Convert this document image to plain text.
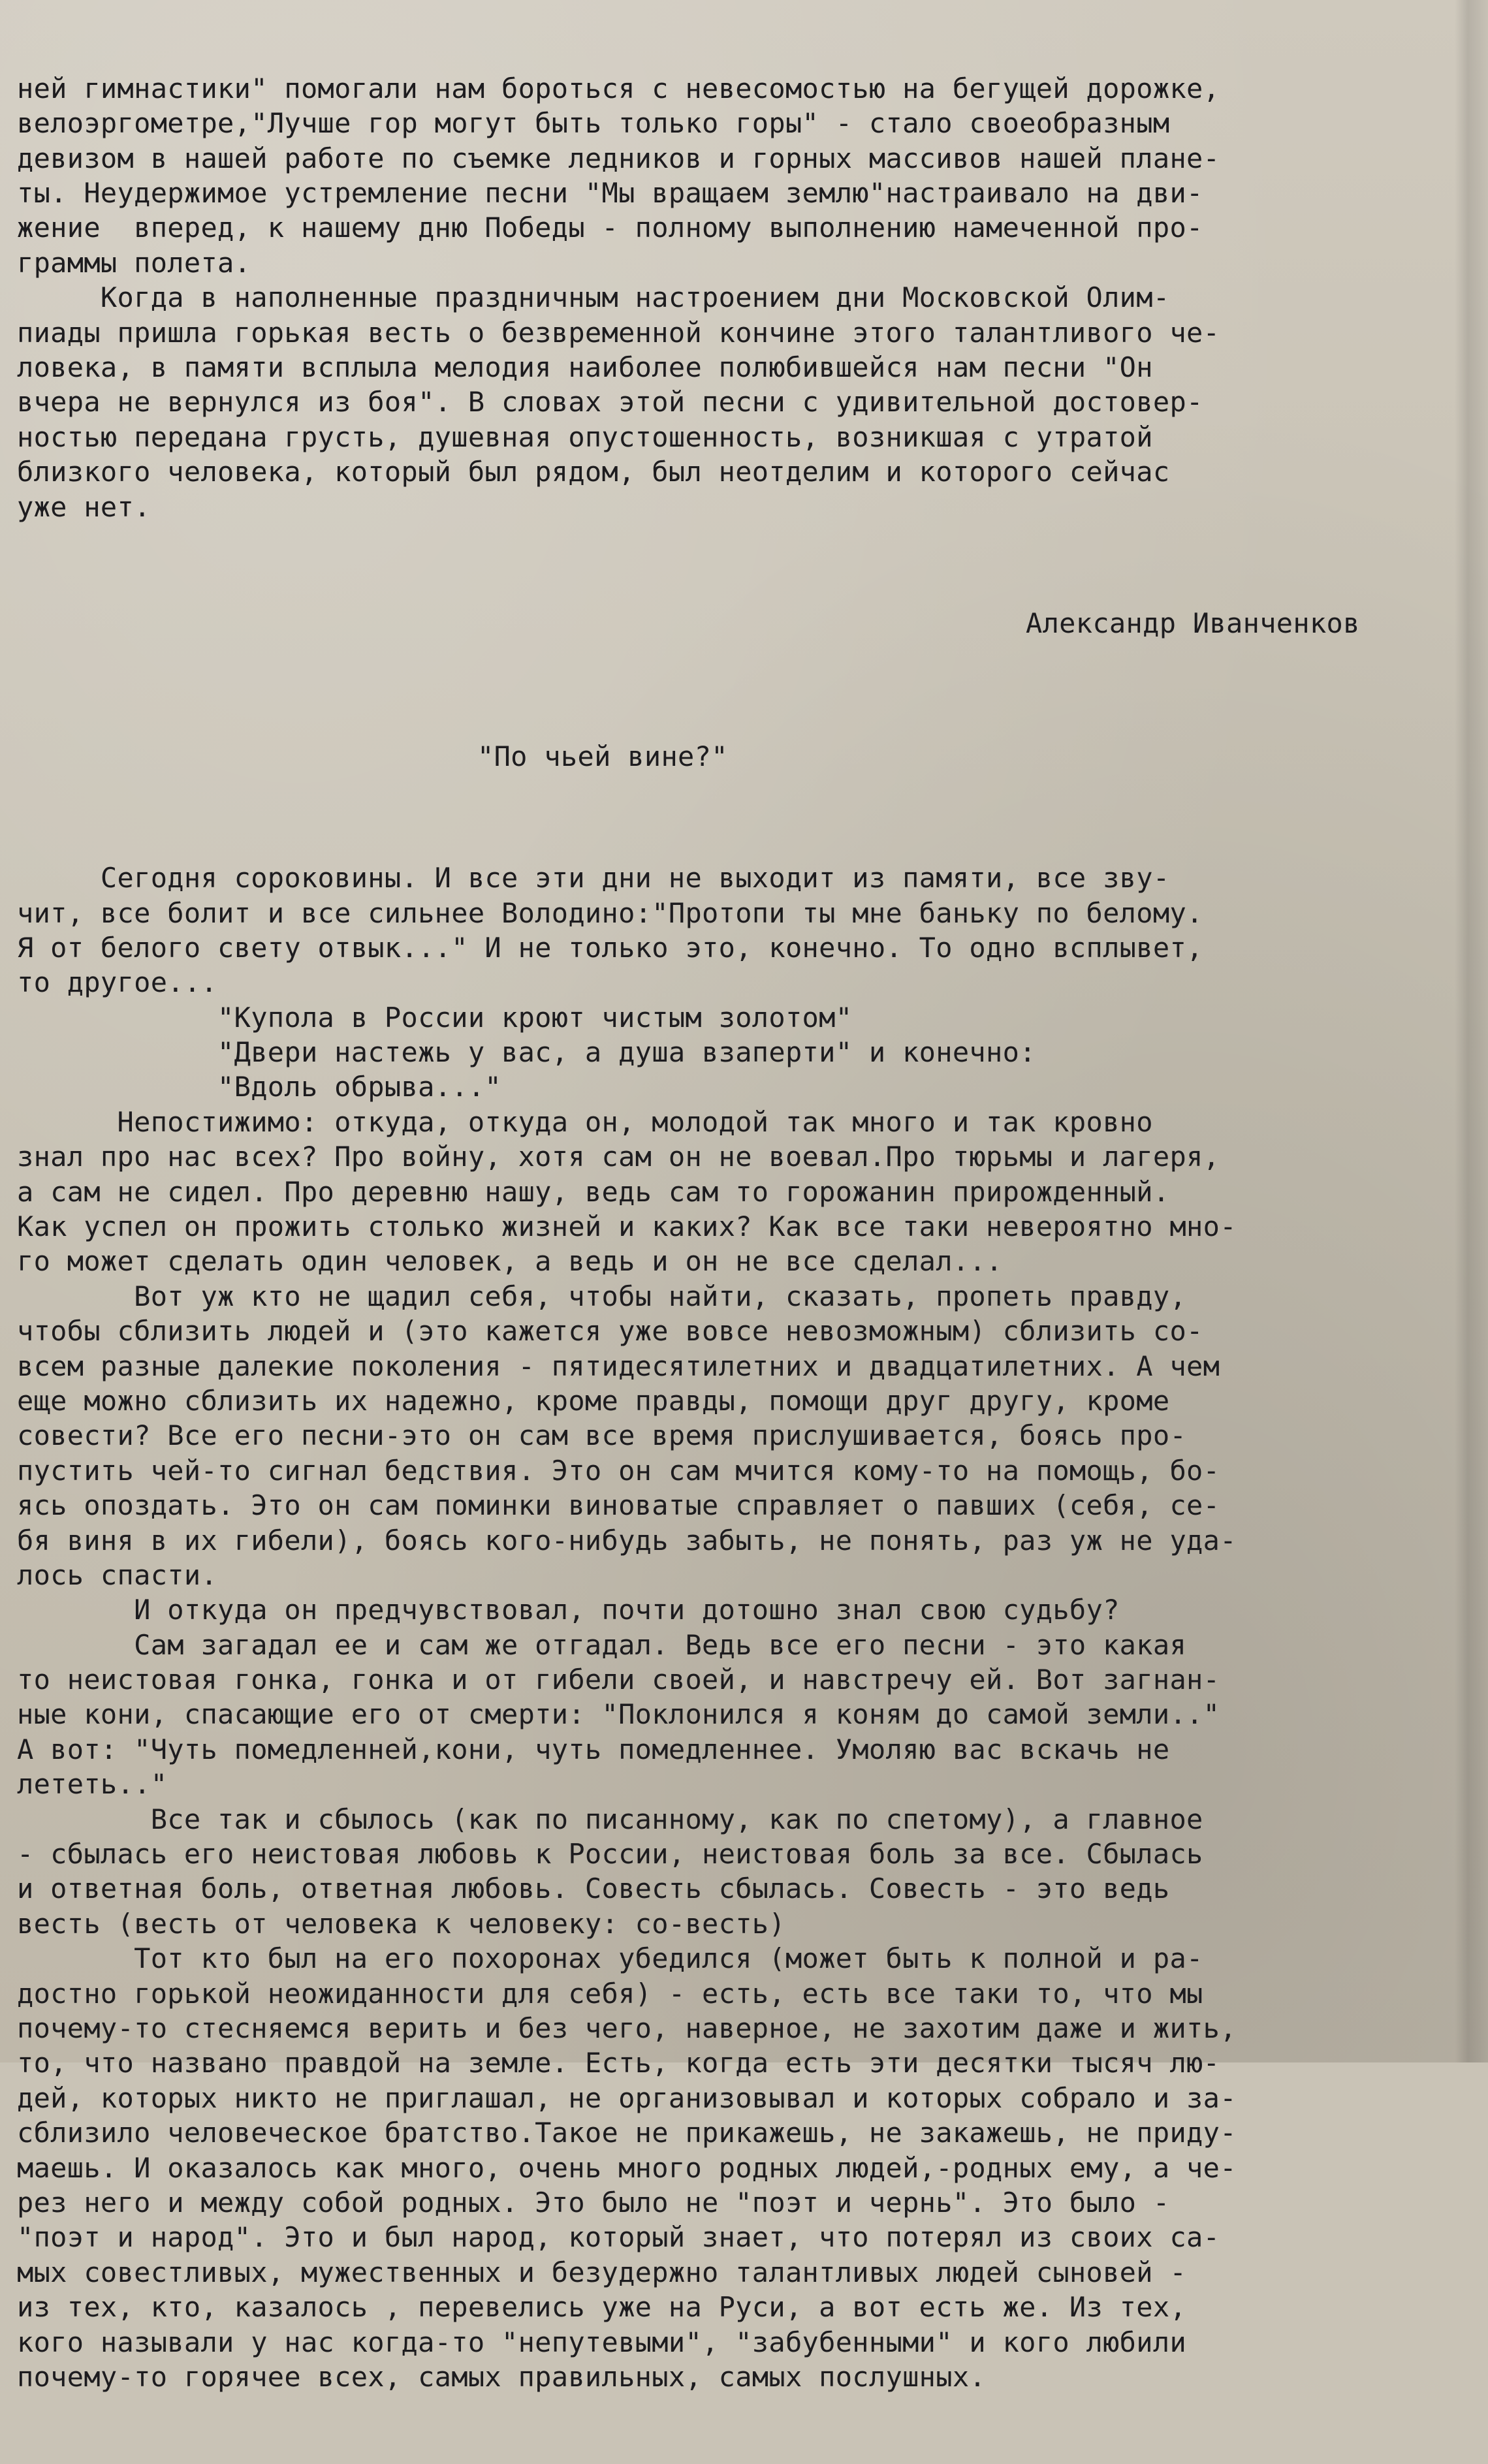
ней гимнастики" помогали нам бороться с невесомостью на бегущей дорожке,
велоэргометре,"Лучше гор могут быть только горы" - стало своеобразным
девизом в нашей работе по съемке ледников и горных массивов нашей плане-
ты. Неудержимое устремление песни "Мы вращаем землю"настраивало на дви-
жение  вперед, к нашему дню Победы - полному выполнению намеченной про-
граммы полета.
Когда в наполненные праздничным настроением дни Московской Олим-
пиады пришла горькая весть о безвременной кончине этого талантливого че-
ловека, в памяти всплыла мелодия наиболее полюбившейся нам песни "Он
вчера не вернулся из боя". В словах этой песни с удивительной достовер-
ностью передана грусть, душевная опустошенность, возникшая с утратой
близкого человека, который был рядом, был неотделим и которого сейчас
уже нет.

Александр Иванченков

"По чьей вине?"

Сегодня сороковины. И все эти дни не выходит из памяти, все зву-
чит, все болит и все сильнее Володино:"Протопи ты мне баньку по белому.
Я от белого свету отвык..." И не только это, конечно. То одно всплывет,
то другое...
"Купола в России кроют чистым золотом"
"Двери настежь у вас, а душа взаперти" и конечно:
"Вдоль обрыва..."
Непостижимо: откуда, откуда он, молодой так много и так кровно
знал про нас всех? Про войну, хотя сам он не воевал.Про тюрьмы и лагеря,
а сам не сидел. Про деревню нашу, ведь сам то горожанин прирожденный.
Как успел он прожить столько жизней и каких? Как все таки невероятно мно-
го может сделать один человек, а ведь и он не все сделал...
Вот уж кто не щадил себя, чтобы найти, сказать, пропеть правду,
чтобы сблизить людей и (это кажется уже вовсе невозможным) сблизить со-
всем разные далекие поколения - пятидесятилетних и двадцатилетних. А чем
еще можно сблизить их надежно, кроме правды, помощи друг другу, кроме
совести? Все его песни-это он сам все время прислушивается, боясь про-
пустить чей-то сигнал бедствия. Это он сам мчится кому-то на помощь, бо-
ясь опоздать. Это он сам поминки виноватые справляет о павших (себя, се-
бя виня в их гибели), боясь кого-нибудь забыть, не понять, раз уж не уда-
лось спасти.
И откуда он предчувствовал, почти дотошно знал свою судьбу?
Сам загадал ее и сам же отгадал. Ведь все его песни - это какая
то неистовая гонка, гонка и от гибели своей, и навстречу ей. Вот загнан-
ные кони, спасающие его от смерти: "Поклонился я коням до самой земли.."
А вот: "Чуть помедленней,кони, чуть помедленнее. Умоляю вас вскачь не
лететь.."
Все так и сбылось (как по писанному, как по спетому), а главное
- сбылась его неистовая любовь к России, неистовая боль за все. Сбылась
и ответная боль, ответная любовь. Совесть сбылась. Совесть - это ведь
весть (весть от человека к человеку: со-весть)
Тот кто был на его похоронах убедился (может быть к полной и ра-
достно горькой неожиданности для себя) - есть, есть все таки то, что мы
почему-то стесняемся верить и без чего, наверное, не захотим даже и жить,
то, что названо правдой на земле. Есть, когда есть эти десятки тысяч лю-
дей, которых никто не приглашал, не организовывал и которых собрало и за-
сблизило человеческое братство.Такое не прикажешь, не закажешь, не приду-
маешь. И оказалось как много, очень много родных людей,-родных ему, а че-
рез него и между собой родных. Это было не "поэт и чернь". Это было -
"поэт и народ". Это и был народ, который знает, что потерял из своих са-
мых совестливых, мужественных и безудержно талантливых людей сыновей -
из тех, кто, казалось , перевелись уже на Руси, а вот есть же. Из тех,
кого называли у нас когда-то "непутевыми", "забубенными" и кого любили
почему-то горячее всех, самых правильных, самых послушных.
